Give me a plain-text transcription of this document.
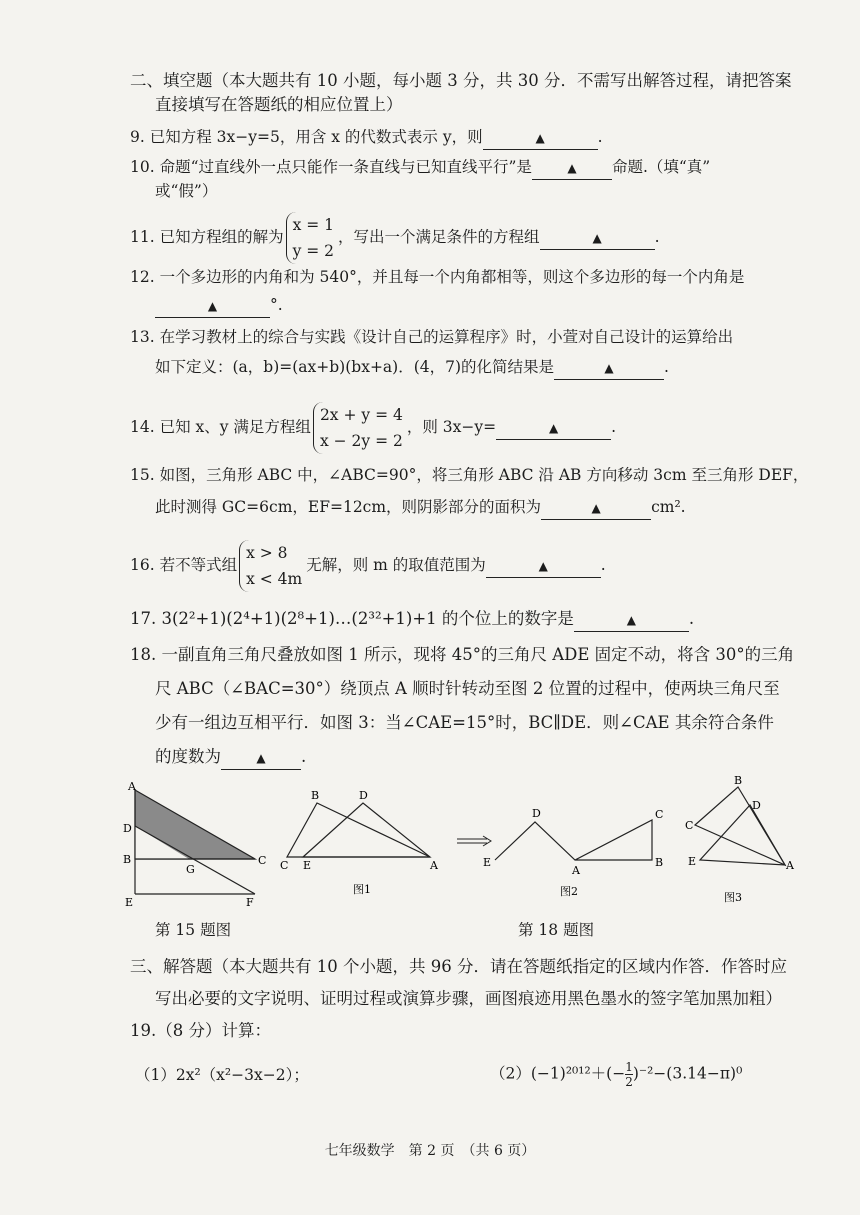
二、填空题（本大题共有 10 小题，每小题 3 分，共 30 分．不需写出解答过程，请把答案
直接填写在答题纸的相应位置上）
9. 已知方程 3x−y=5，用含 x 的代数式表示 y，则	▲	.
10. 命题“过直线外一点只能作一条直线与已知直线平行”是	▲ 命题.（填“真”
或“假”）
11. 已知方程组的解为
x = 1
y = 2
，写出一个满足条件的方程组	▲	.
12. 一个多边形的内角和为 540°，并且每一个内角都相等，则这个多边形的每一个内角是
▲	°.
13. 在学习教材上的综合与实践《设计自己的运算程序》时，小萱对自己设计的运算给出
如下定义：(a，b)=(ax+b)(bx+a)．(4，7)的化简结果是	▲	.
14. 已知 x、y 满足方程组
2x + y = 4
x − 2y = 2
，则 3x−y=	▲	.
15. 如图，三角形 ABC 中，∠ABC=90°，将三角形 ABC 沿 AB 方向移动 3cm 至三角形 DEF，
此时测得 GC=6cm，EF=12cm，则阴影部分的面积为	▲	cm².
16. 若不等式组
x > 8
x < 4m
无解，则 m 的取值范围为	▲	.
17. 3(2²+1)(2⁴+1)(2⁸+1)…(2³²+1)+1 的个位上的数字是	▲	.
18. 一副直角三角尺叠放如图 1 所示，现将 45°的三角尺 ADE 固定不动，将含 30°的三角
尺 ABC（∠BAC=30°）绕顶点 A 顺时针转动至图 2 位置的过程中，使两块三角尺至
少有一组边互相平行．如图 3：当∠CAE=15°时，BC∥DE．则∠CAE 其余符合条件
的度数为	▲ .
A
D
B
E
G
C
F
B	D
C E	A
图1
D
E
A
C
B
图2
B
D
C
E	A
图3
第 15 题图	第 18 题图
三、解答题（本大题共有 10 个小题，共 96 分．请在答题纸指定的区域内作答．作答时应
写出必要的文字说明、证明过程或演算步骤，画图痕迹用黑色墨水的签字笔加黑加粗）
19.（8 分）计算：
（1）2x²（x²−3x−2）；	$(2)(-1)^{2012}+(- \frac{1}{2} )^{-2}-(3.14-\pi)^0$
七年级数学　第 2 页　（共 6 页）
